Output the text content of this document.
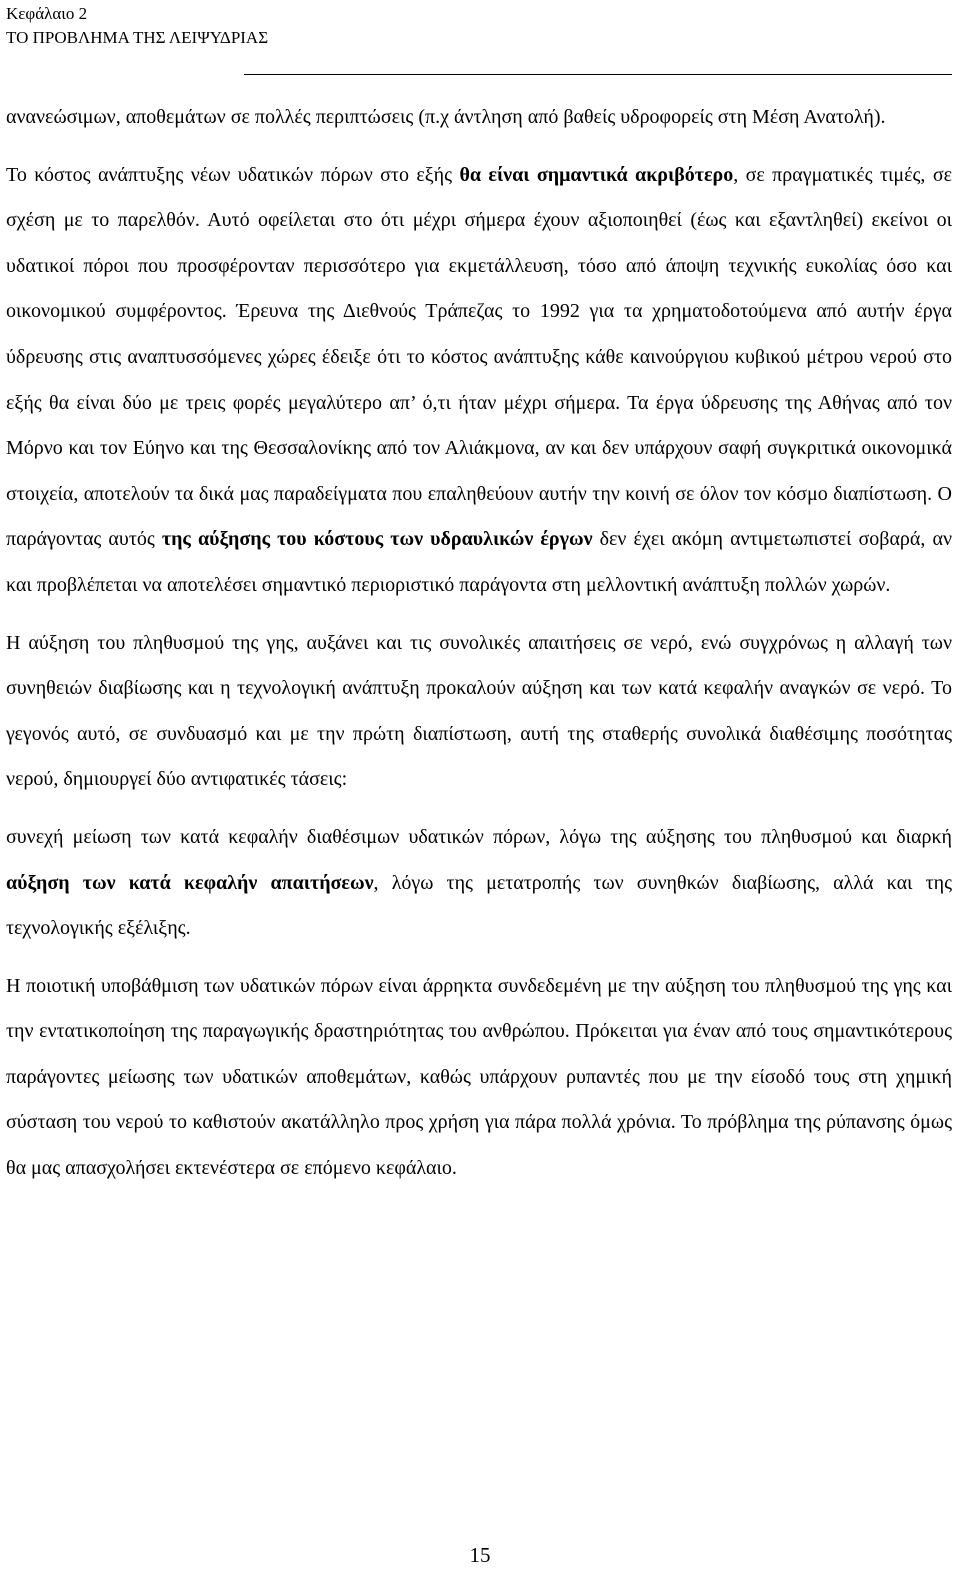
Κεφάλαιο 2
ΤΟ ΠΡΟΒΛΗΜΑ ΤΗΣ ΛΕΙΨΥΔΡΙΑΣ

ανανεώσιμων, αποθεμάτων σε πολλές περιπτώσεις (π.χ άντληση από βαθείς υδροφορείς στη Μέση Ανατολή).

Το κόστος ανάπτυξης νέων υδατικών πόρων στο εξής θα είναι σημαντικά ακριβότερο, σε πραγματικές τιμές, σε σχέση με το παρελθόν. Αυτό οφείλεται στο ότι μέχρι σήμερα έχουν αξιοποιηθεί (έως και εξαντληθεί) εκείνοι οι υδατικοί πόροι που προσφέρονταν περισσότερο για εκμετάλλευση, τόσο από άποψη τεχνικής ευκολίας όσο και οικονομικού συμφέροντος. Έρευνα της Διεθνούς Τράπεζας το 1992 για τα χρηματοδοτούμενα από αυτήν έργα ύδρευσης στις αναπτυσσόμενες χώρες έδειξε ότι το κόστος ανάπτυξης κάθε καινούργιου κυβικού μέτρου νερού στο εξής θα είναι δύο με τρεις φορές μεγαλύτερο απ’ ό,τι ήταν μέχρι σήμερα. Τα έργα ύδρευσης της Αθήνας από τον Μόρνο και τον Εύηνο και της Θεσσαλονίκης από τον Αλιάκμονα, αν και δεν υπάρχουν σαφή συγκριτικά οικονομικά στοιχεία, αποτελούν τα δικά μας παραδείγματα που επαληθεύουν αυτήν την κοινή σε όλον τον κόσμο διαπίστωση. Ο παράγοντας αυτός της αύξησης του κόστους των υδραυλικών έργων δεν έχει ακόμη αντιμετωπιστεί σοβαρά, αν και προβλέπεται να αποτελέσει σημαντικό περιοριστικό παράγοντα στη μελλοντική ανάπτυξη πολλών χωρών.

Η αύξηση του πληθυσμού της γης, αυξάνει και τις συνολικές απαιτήσεις σε νερό, ενώ συγχρόνως η αλλαγή των συνηθειών διαβίωσης και η τεχνολογική ανάπτυξη προκαλούν αύξηση και των κατά κεφαλήν αναγκών σε νερό. Το γεγονός αυτό, σε συνδυασμό και με την πρώτη διαπίστωση, αυτή της σταθερής συνολικά διαθέσιμης ποσότητας νερού, δημιουργεί δύο αντιφατικές τάσεις:

συνεχή μείωση των κατά κεφαλήν διαθέσιμων υδατικών πόρων, λόγω της αύξησης του πληθυσμού και διαρκή αύξηση των κατά κεφαλήν απαιτήσεων, λόγω της μετατροπής των συνηθκών διαβίωσης, αλλά και της τεχνολογικής εξέλιξης.

Η ποιοτική υποβάθμιση των υδατικών πόρων είναι άρρηκτα συνδεδεμένη με την αύξηση του πληθυσμού της γης και την εντατικοποίηση της παραγωγικής δραστηριότητας του ανθρώπου. Πρόκειται για έναν από τους σημαντικότερους παράγοντες μείωσης των υδατικών αποθεμάτων, καθώς υπάρχουν ρυπαντές που με την είσοδό τους στη χημική σύσταση του νερού το καθιστούν ακατάλληλο προς χρήση για πάρα πολλά χρόνια. Το πρόβλημα της ρύπανσης όμως θα μας απασχολήσει εκτενέστερα σε επόμενο κεφάλαιο.

15
